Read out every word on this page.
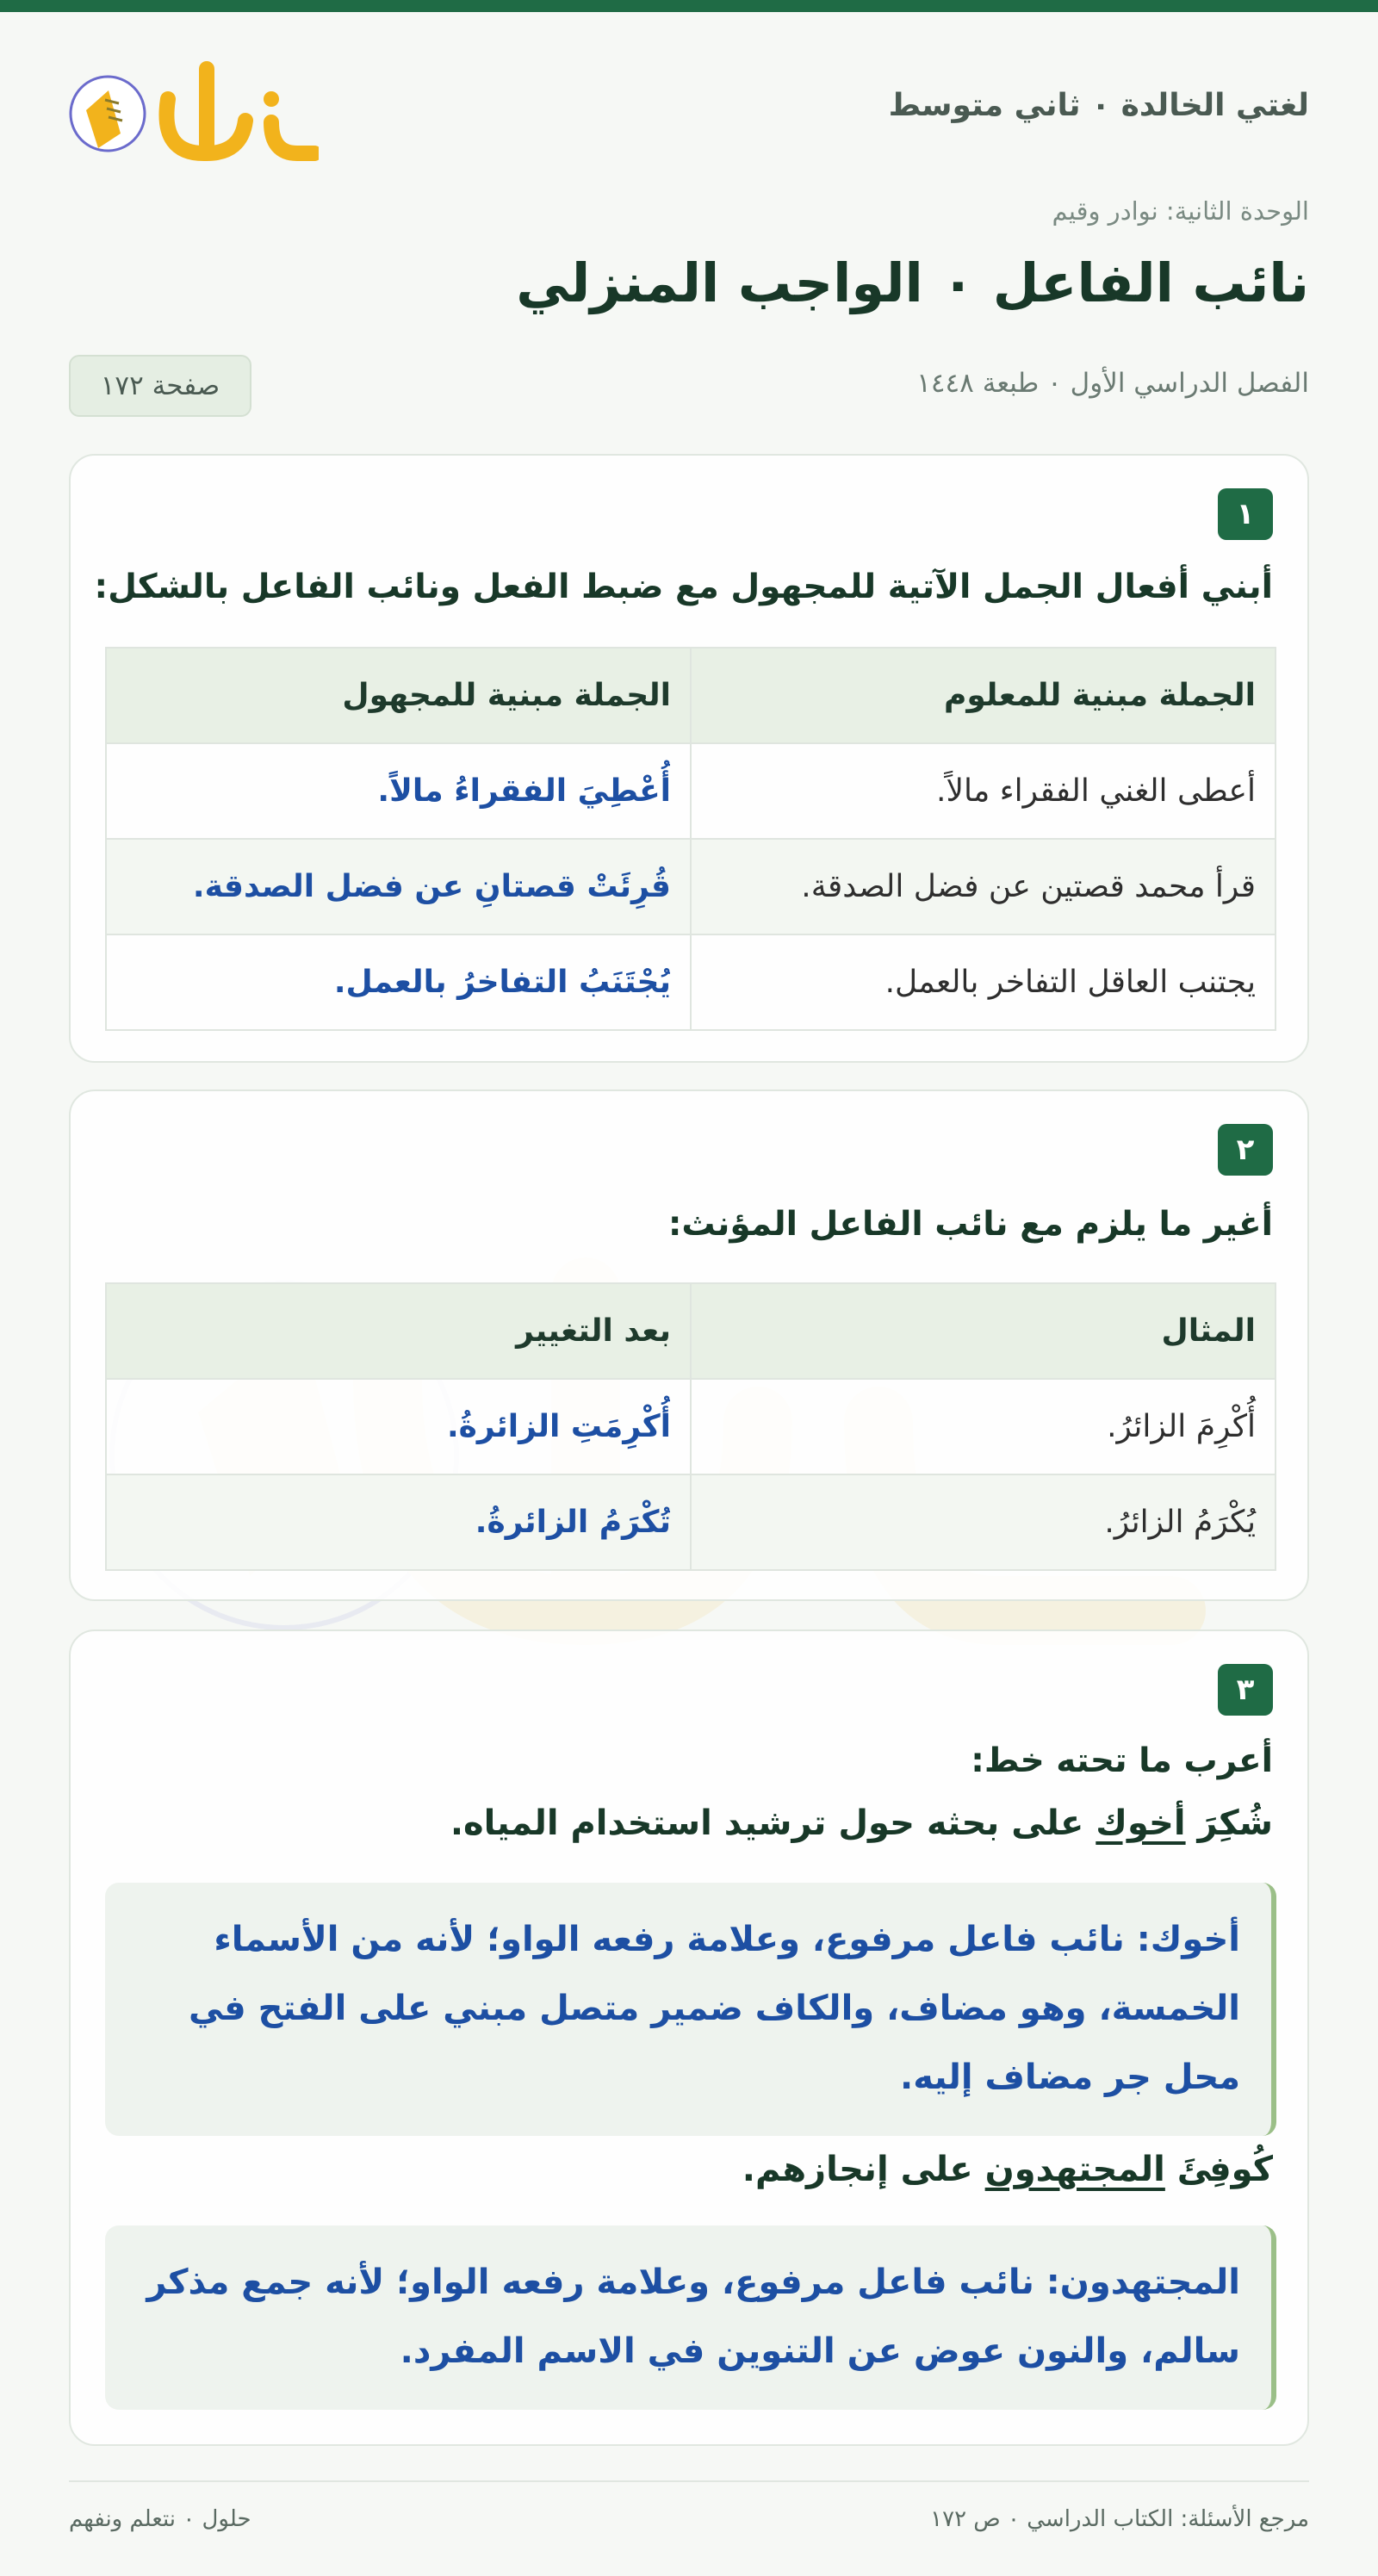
لغتي الخالدة ٠ ثاني متوسط
الوحدة الثانية: نوادر وقيم
نائب الفاعل ٠ الواجب المنزلي
الفصل الدراسي الأول ٠ طبعة ١٤٤٨
صفحة ١٧٢
١
أبني أفعال الجمل الآتية للمجهول مع ضبط الفعل ونائب الفاعل بالشكل:
الجملة مبنية للمعلوم	الجملة مبنية للمجهول
أعطى الغني الفقراء مالاً.	أُعْطِيَ الفقراءُ مالاً.
قرأ محمد قصتين عن فضل الصدقة.	قُرِئَتْ قصتانِ عن فضل الصدقة.
يجتنب العاقل التفاخر بالعمل.	يُجْتَنَبُ التفاخرُ بالعمل.
٢
أغير ما يلزم مع نائب الفاعل المؤنث:
المثال	بعد التغيير
أُكْرِمَ الزائرُ.	أُكْرِمَتِ الزائرةُ.
يُكْرَمُ الزائرُ.	تُكْرَمُ الزائرةُ.
٣
أعرب ما تحته خط:
شُكِرَ أخوك على بحثه حول ترشيد استخدام المياه.
أخوك: نائب فاعل مرفوع، وعلامة رفعه الواو؛ لأنه من الأسماء الخمسة، وهو مضاف، والكاف ضمير متصل مبني على الفتح في محل جر مضاف إليه.
كُوفِئَ المجتهدون على إنجازهم.
المجتهدون: نائب فاعل مرفوع، وعلامة رفعه الواو؛ لأنه جمع مذكر سالم، والنون عوض عن التنوين في الاسم المفرد.
مرجع الأسئلة: الكتاب الدراسي ٠ ص ١٧٢
حلول ٠ نتعلم ونفهم
